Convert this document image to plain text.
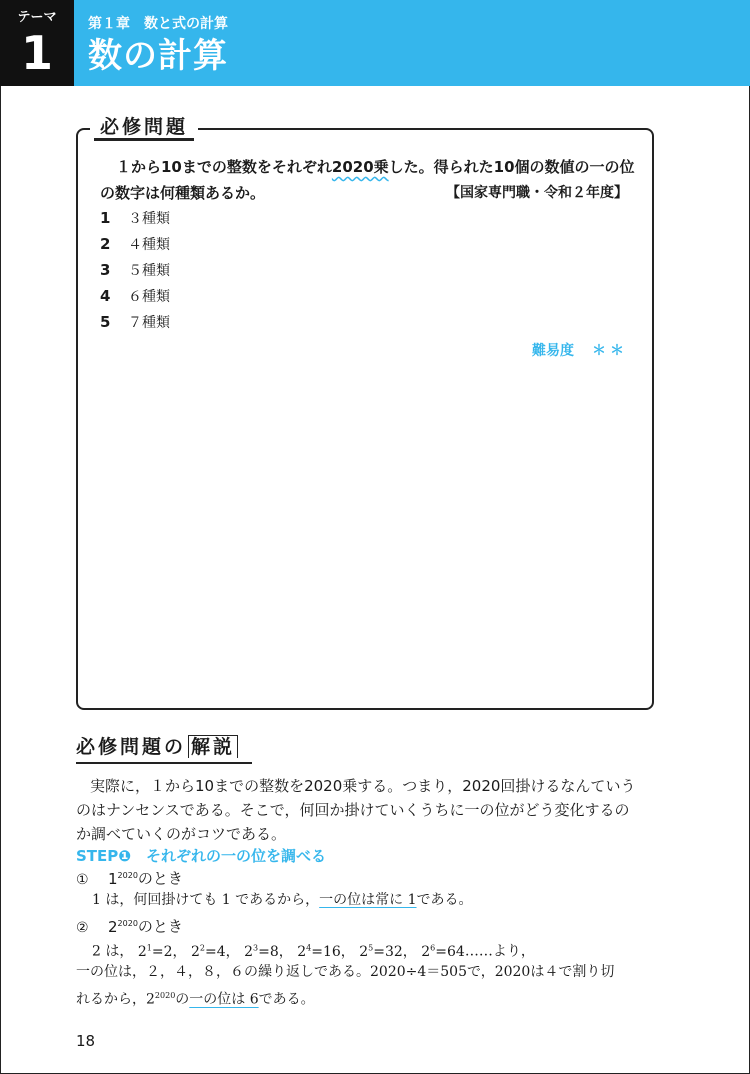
テーマ
1
第１章　数と式の計算
数の計算
必修問題
１から10までの整数をそれぞれ2020乗した。得られた10個の数値の一の位
の数字は何種類あるか。	【国家専門職・令和２年度】
1 ３種類
2 ４種類
3 ５種類
4 ６種類
5 ７種類
難易度 ＊＊
必修問題の 解説
実際に，１から10までの整数を2020乗する。つまり，2020回掛けるなんていう
のはナンセンスである。そこで，何回か掛けていくうちに一の位がどう変化するの
か調べていくのがコツである。
STEP❶　それぞれの一の位を調べる
① $1^{2020}$のとき
1 は，何回掛けても 1 であるから，一の位は常に 1である。
② $2^{2020}$のとき
2 は， $2^1=2$， $2^2=4$， $2^3=8$， $2^4=16$， $2^5=32$， $2^6=64\dots\dots$より，
一の位は，２，４，８，６の繰り返しである。2020÷4＝505で，2020は４で割り切
れるから，$2^{2020}$の一の位は 6である。
18
